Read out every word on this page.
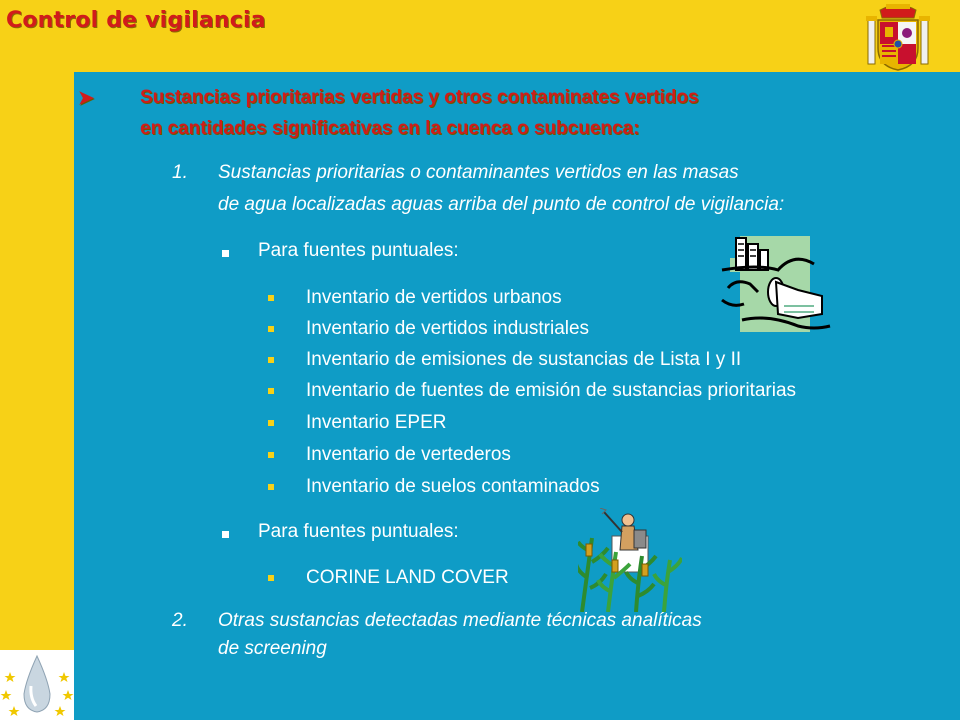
Control de vigilancia
➤ Sustancias prioritarias vertidas y otros contaminates vertidos
en cantidades significativas en la cuenca o subcuenca:
1. Sustancias prioritarias o contaminantes vertidos en las masas
de agua localizadas aguas arriba del punto de control de vigilancia:
Para fuentes puntuales:
Inventario de vertidos urbanos
Inventario de vertidos industriales
Inventario de emisiones de sustancias de Lista I y II
Inventario de fuentes de emisión de sustancias prioritarias
Inventario EPER
Inventario de vertederos
Inventario de suelos contaminados
Para fuentes puntuales:
CORINE LAND COVER
2. Otras sustancias detectadas mediante técnicas analíticas
de screening
